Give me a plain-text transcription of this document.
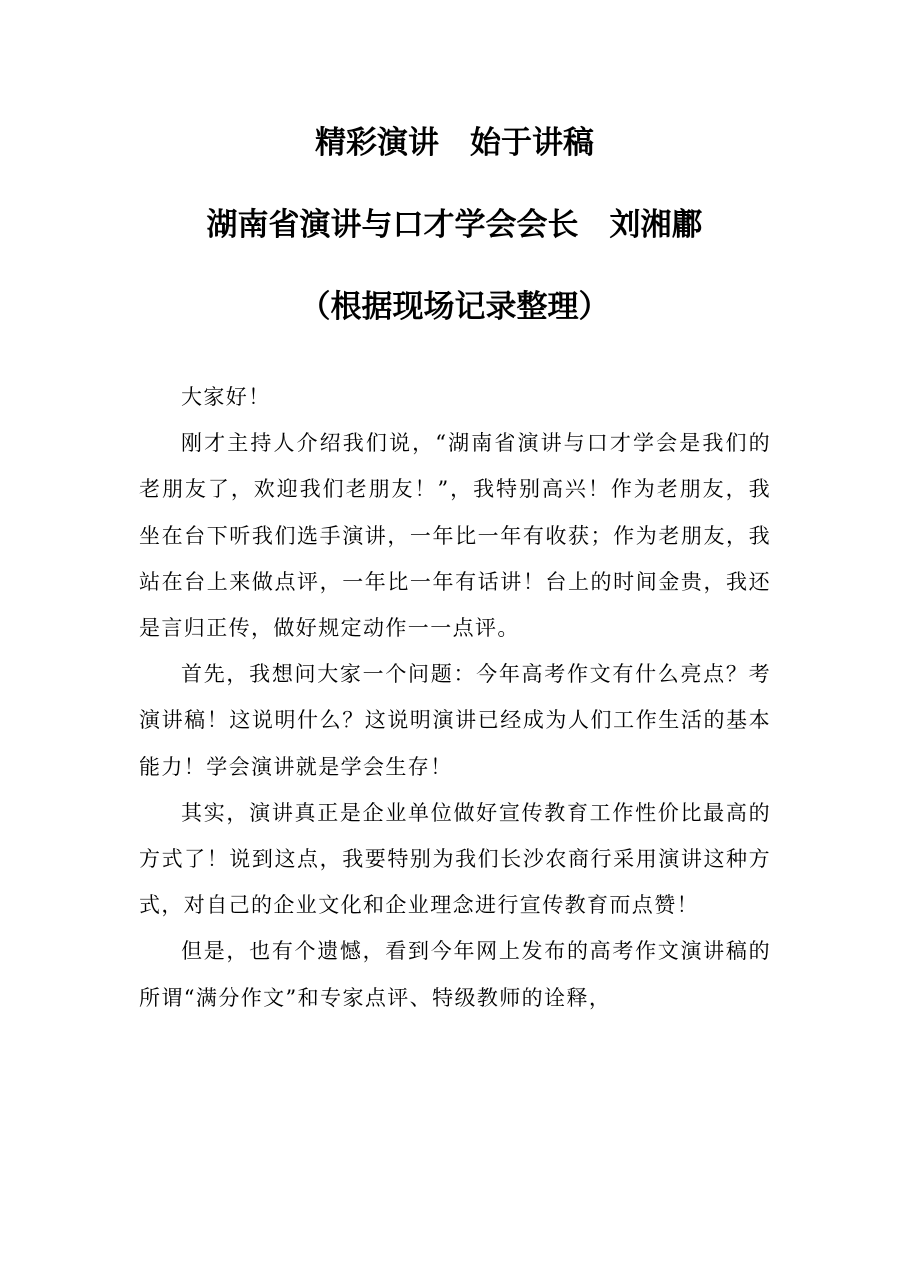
精彩演讲　始于讲稿
湖南省演讲与口才学会会长　刘湘鄘
（根据现场记录整理）

大家好！

刚才主持人介绍我们说，“湖南省演讲与口才学会是我们的老朋友了，欢迎我们老朋友！”，我特别高兴！作为老朋友，我坐在台下听我们选手演讲，一年比一年有收获；作为老朋友，我站在台上来做点评，一年比一年有话讲！台上的时间金贵，我还是言归正传，做好规定动作一一点评。

首先，我想问大家一个问题：今年高考作文有什么亮点？考演讲稿！这说明什么？这说明演讲已经成为人们工作生活的基本能力！学会演讲就是学会生存！

其实，演讲真正是企业单位做好宣传教育工作性价比最高的方式了！说到这点，我要特别为我们长沙农商行采用演讲这种方式，对自己的企业文化和企业理念进行宣传教育而点赞！

但是，也有个遗憾，看到今年网上发布的高考作文演讲稿的所谓“满分作文”和专家点评、特级教师的诠释，
